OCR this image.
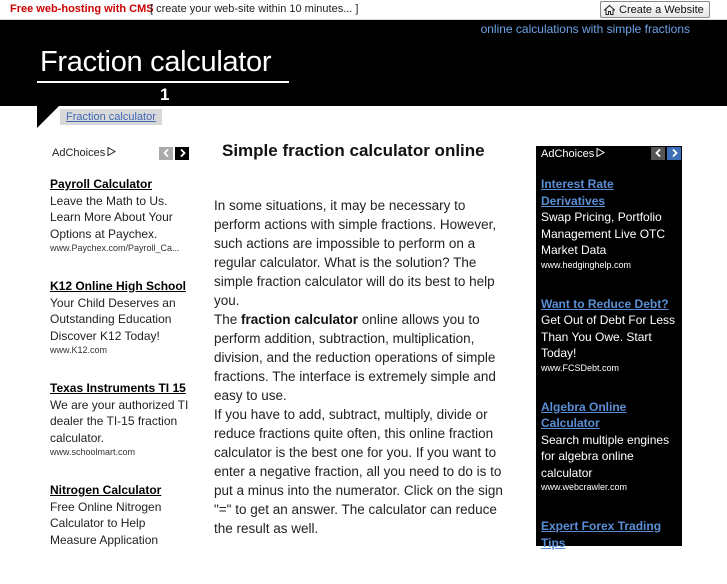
Free web-hosting with CMS
[ create your web-site within 10 minutes... ]	Create a Website
online calculations with simple fractions
Fraction calculator
1
Fraction calculator
AdChoices
Payroll Calculator
Leave the Math to Us. Learn More About Your Options at Paychex.
www.Paychex.com/Payroll_Ca...
K12 Online High School
Your Child Deserves an Outstanding Education Discover K12 Today!
www.K12.com
Texas Instruments TI 15
We are your authorized TI dealer the TI-15 fraction calculator.
www.schoolmart.com
Nitrogen Calculator
Free Online Nitrogen Calculator to Help Measure Application
Simple fraction calculator online

In some situations, it may be necessary to perform actions with simple fractions. However, such actions are impossible to perform on a regular calculator. What is the solution? The simple fraction calculator will do its best to help you.

The fraction calculator online allows you to perform addition, subtraction, multiplication, division, and the reduction operations of simple fractions. The interface is extremely simple and easy to use.

If you have to add, subtract, multiply, divide or reduce fractions quite often, this online fraction calculator is the best one for you. If you want to enter a negative fraction, all you need to do is to put a minus into the numerator. Click on the sign "=" to get an answer. The calculator can reduce the result as well.

AdChoices
Interest Rate Derivatives
Swap Pricing, Portfolio Management Live OTC Market Data
www.hedginghelp.com
Want to Reduce Debt?
Get Out of Debt For Less Than You Owe. Start Today!
www.FCSDebt.com
Algebra Online Calculator
Search multiple engines for algebra online calculator
www.webcrawler.com
Expert Forex Trading Tips
Make More Money Forex Trading! Compare Top
